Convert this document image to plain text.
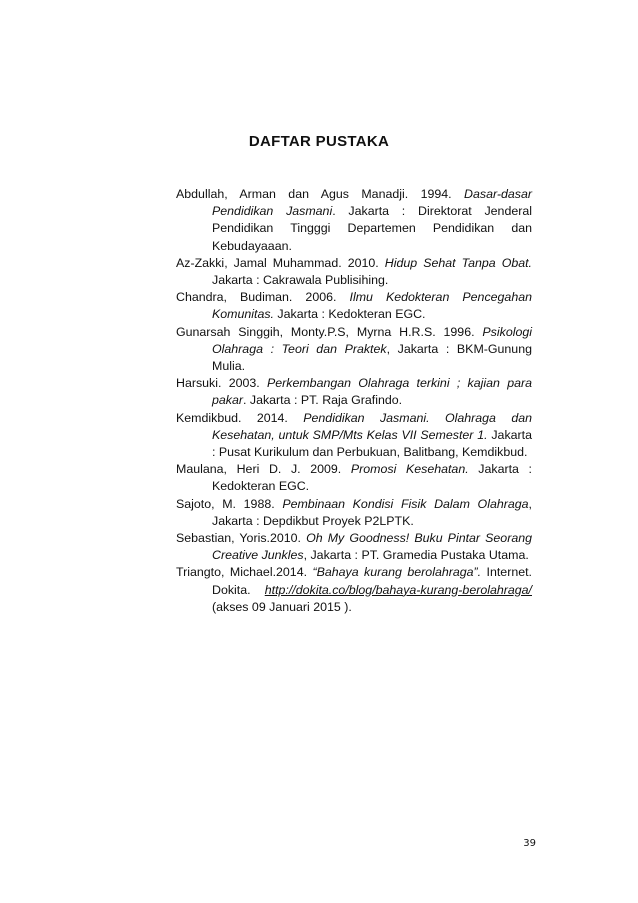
DAFTAR PUSTAKA
Abdullah, Arman dan Agus Manadji. 1994. Dasar-dasar Pendidikan Jasmani. Jakarta : Direktorat Jenderal Pendidikan Tingggi Departemen Pendidikan dan Kebudayaaan.
Az-Zakki, Jamal Muhammad. 2010. Hidup Sehat Tanpa Obat. Jakarta : Cakrawala Publisihing.
Chandra, Budiman. 2006. Ilmu Kedokteran Pencegahan Komunitas. Jakarta : Kedokteran EGC.
Gunarsah Singgih, Monty.P.S, Myrna H.R.S. 1996. Psikologi Olahraga : Teori dan Praktek, Jakarta : BKM-Gunung Mulia.
Harsuki. 2003. Perkembangan Olahraga terkini ; kajian para pakar. Jakarta : PT. Raja Grafindo.
Kemdikbud. 2014. Pendidikan Jasmani. Olahraga dan Kesehatan, untuk SMP/Mts Kelas VII Semester 1. Jakarta : Pusat Kurikulum dan Perbukuan, Balitbang, Kemdikbud.
Maulana, Heri D. J. 2009. Promosi Kesehatan. Jakarta : Kedokteran EGC.
Sajoto, M. 1988. Pembinaan Kondisi Fisik Dalam Olahraga, Jakarta : Depdikbut Proyek P2LPTK.
Sebastian, Yoris.2010. Oh My Goodness! Buku Pintar Seorang Creative Junkles, Jakarta : PT. Gramedia Pustaka Utama.
Triangto, Michael.2014. “Bahaya kurang berolahraga”. Internet. Dokita. http://dokita.co/blog/bahaya-kurang-berolahraga/ (akses 09 Januari 2015 ).
39
